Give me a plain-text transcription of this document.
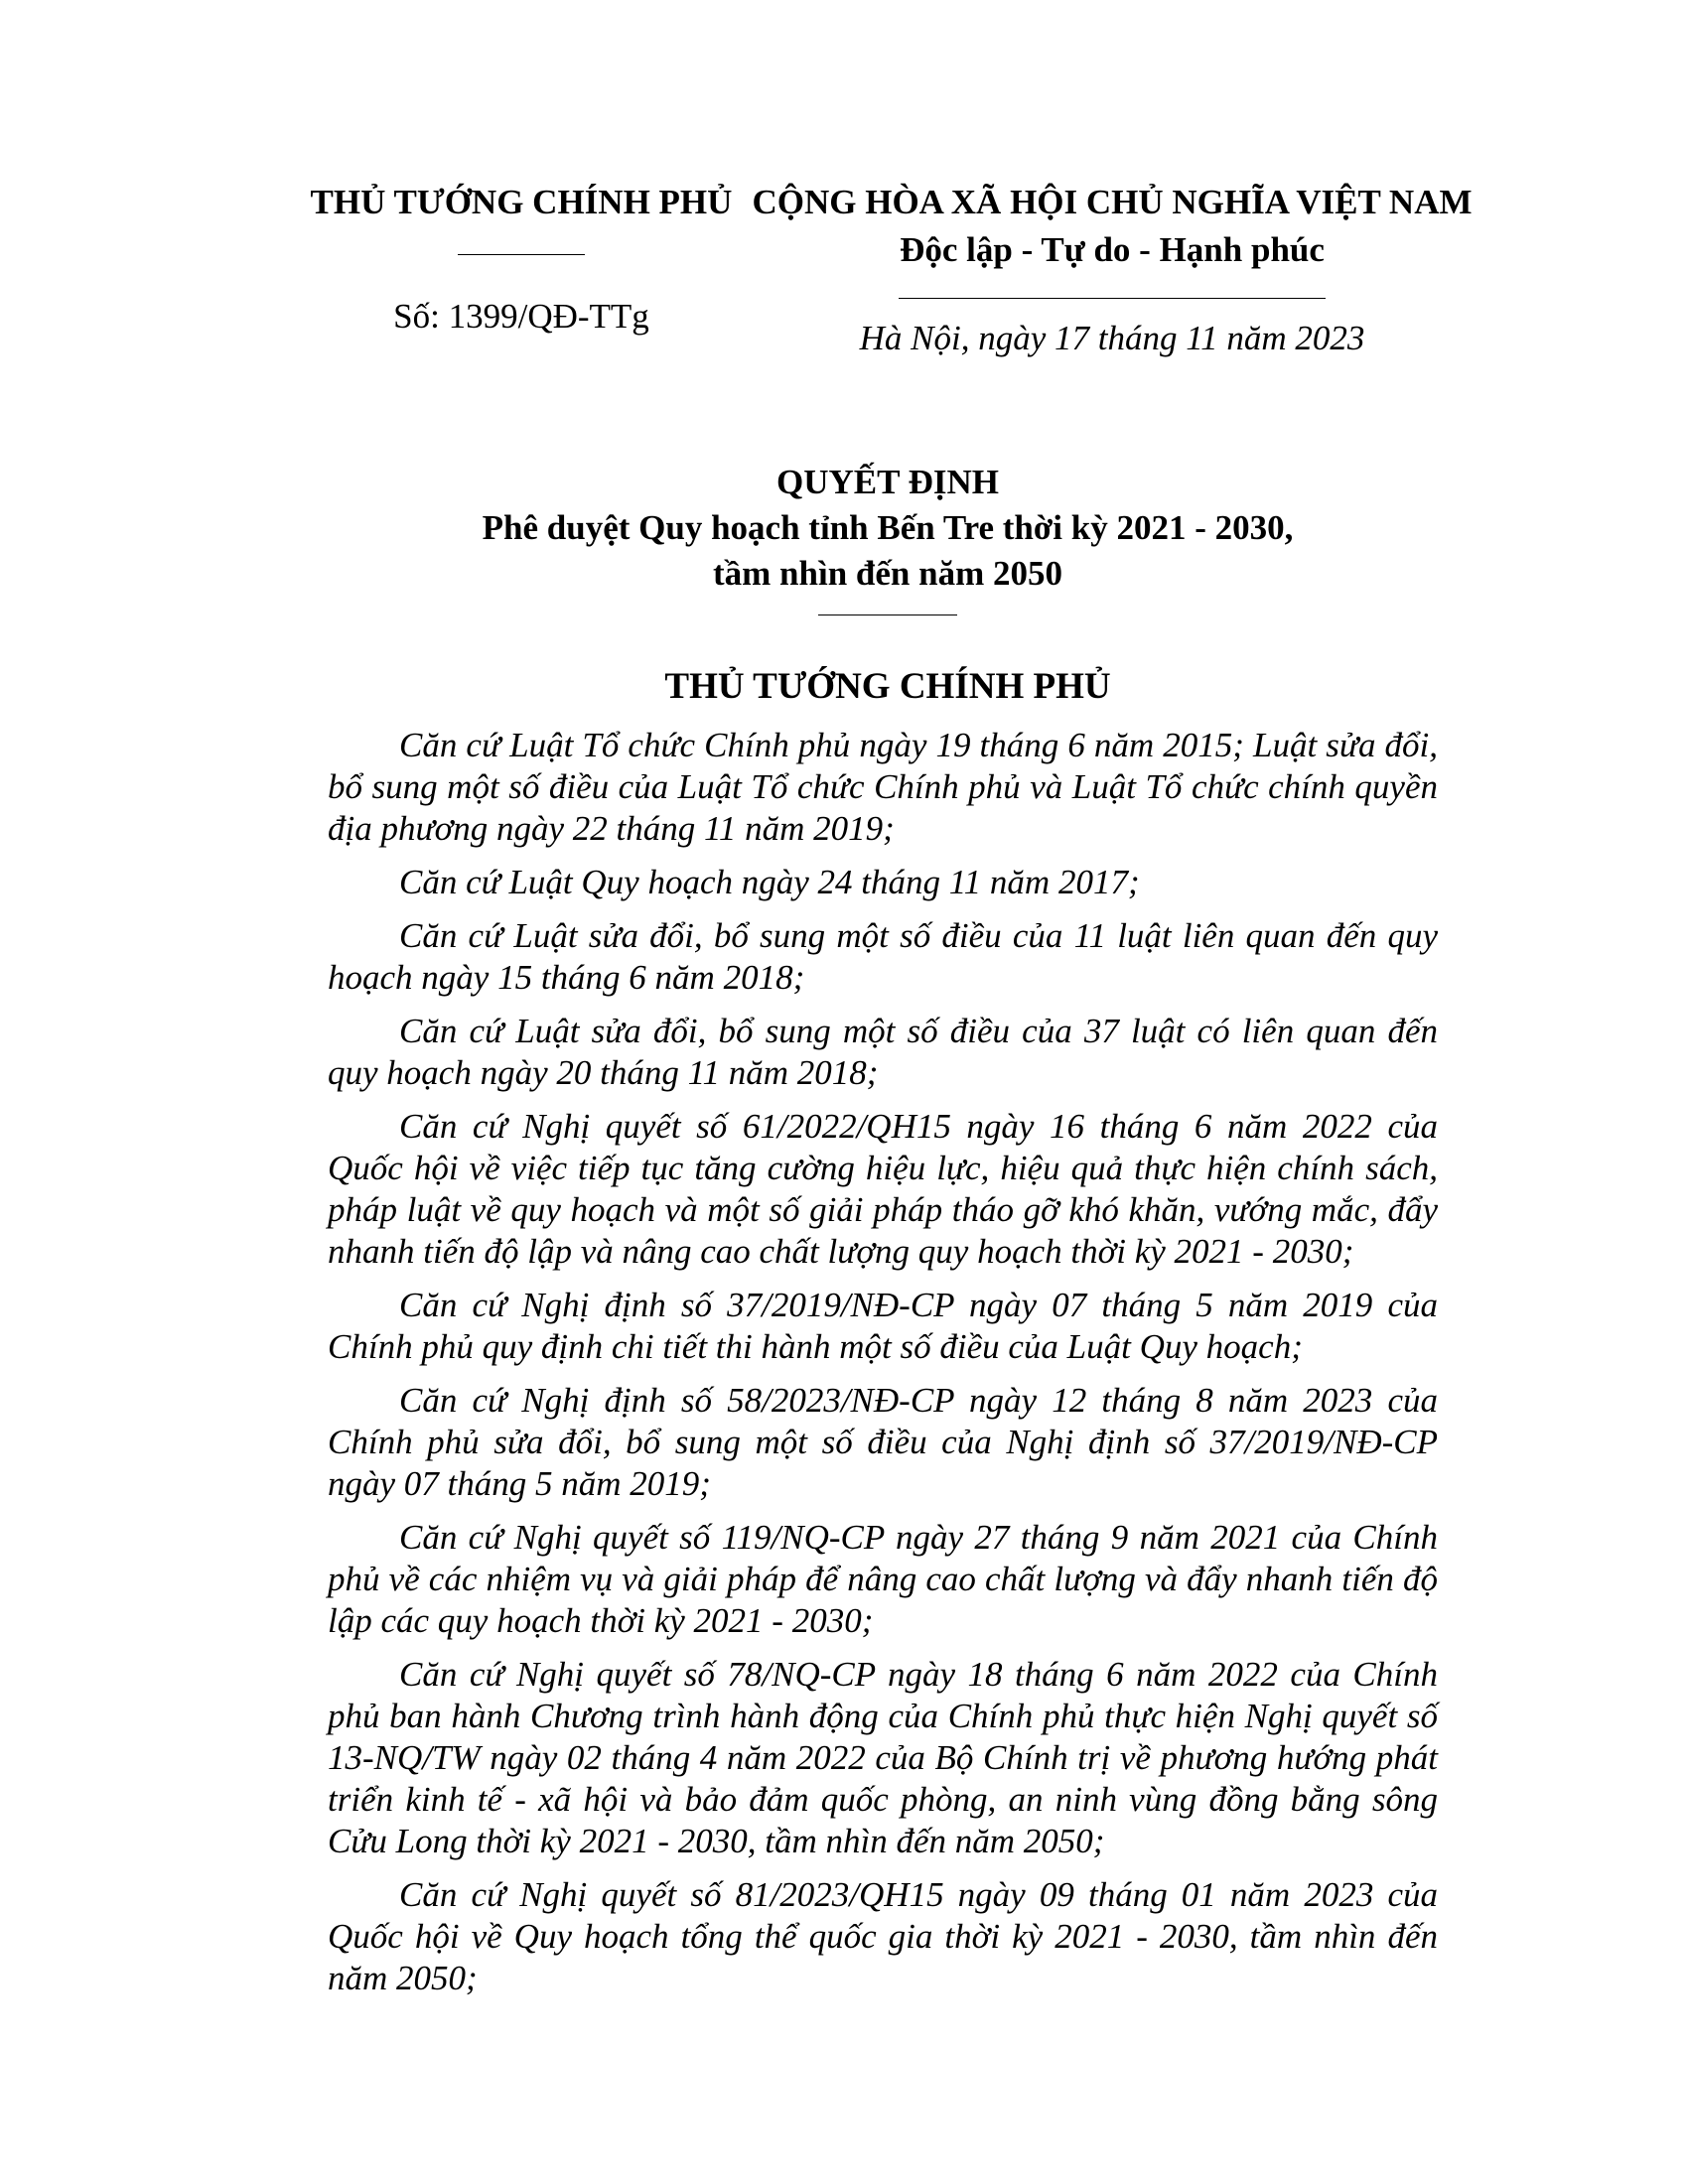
THỦ TƯỚNG CHÍNH PHỦ
Số: 1399/QĐ-TTg
CỘNG HÒA XÃ HỘI CHỦ NGHĨA VIỆT NAM
Độc lập - Tự do - Hạnh phúc
Hà Nội, ngày 17 tháng 11 năm 2023
QUYẾT ĐỊNH
Phê duyệt Quy hoạch tỉnh Bến Tre thời kỳ 2021 - 2030,
tầm nhìn đến năm 2050
THỦ TƯỚNG CHÍNH PHỦ

Căn cứ Luật Tổ chức Chính phủ ngày 19 tháng 6 năm 2015; Luật sửa đổi, bổ sung một số điều của Luật Tổ chức Chính phủ và Luật Tổ chức chính quyền địa phương ngày 22 tháng 11 năm 2019;

Căn cứ Luật Quy hoạch ngày 24 tháng 11 năm 2017;

Căn cứ Luật sửa đổi, bổ sung một số điều của 11 luật liên quan đến quy hoạch ngày 15 tháng 6 năm 2018;

Căn cứ Luật sửa đổi, bổ sung một số điều của 37 luật có liên quan đến quy hoạch ngày 20 tháng 11 năm 2018;

Căn cứ Nghị quyết số 61/2022/QH15 ngày 16 tháng 6 năm 2022 của Quốc hội về việc tiếp tục tăng cường hiệu lực, hiệu quả thực hiện chính sách, pháp luật về quy hoạch và một số giải pháp tháo gỡ khó khăn, vướng mắc, đẩy nhanh tiến độ lập và nâng cao chất lượng quy hoạch thời kỳ 2021 - 2030;

Căn cứ Nghị định số 37/2019/NĐ-CP ngày 07 tháng 5 năm 2019 của Chính phủ quy định chi tiết thi hành một số điều của Luật Quy hoạch;

Căn cứ Nghị định số 58/2023/NĐ-CP ngày 12 tháng 8 năm 2023 của Chính phủ sửa đổi, bổ sung một số điều của Nghị định số 37/2019/NĐ-CP ngày 07 tháng 5 năm 2019;

Căn cứ Nghị quyết số 119/NQ-CP ngày 27 tháng 9 năm 2021 của Chính phủ về các nhiệm vụ và giải pháp để nâng cao chất lượng và đẩy nhanh tiến độ lập các quy hoạch thời kỳ 2021 - 2030;

Căn cứ Nghị quyết số 78/NQ-CP ngày 18 tháng 6 năm 2022 của Chính phủ ban hành Chương trình hành động của Chính phủ thực hiện Nghị quyết số 13-NQ/TW ngày 02 tháng 4 năm 2022 của Bộ Chính trị về phương hướng phát triển kinh tế - xã hội và bảo đảm quốc phòng, an ninh vùng đồng bằng sông Cửu Long thời kỳ 2021 - 2030, tầm nhìn đến năm 2050;

Căn cứ Nghị quyết số 81/2023/QH15 ngày 09 tháng 01 năm 2023 của Quốc hội về Quy hoạch tổng thể quốc gia thời kỳ 2021 - 2030, tầm nhìn đến năm 2050;
